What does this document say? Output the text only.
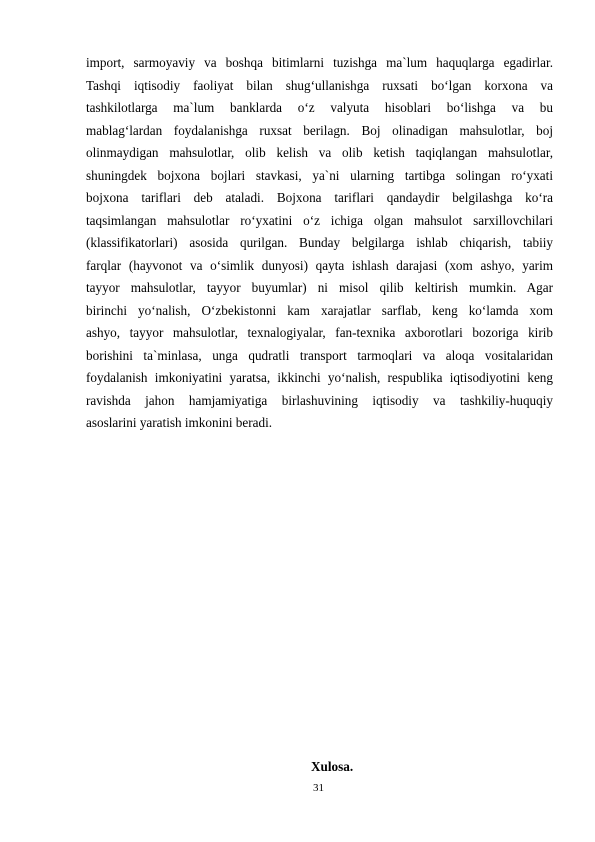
import, sarmoyaviy va boshqa bitimlarni tuzishga ma`lum haquqlarga egadirlar.
Tashqi iqtisodiy faoliyat bilan shug‘ullanishga ruxsati bo‘lgan korxona va
tashkilotlarga ma`lum banklarda o‘z valyuta hisoblari bo‘lishga va bu
mablag‘lardan foydalanishga ruxsat berilagn. Boj olinadigan mahsulotlar, boj
olinmaydigan mahsulotlar, olib kelish va olib ketish taqiqlangan mahsulotlar,
shuningdek bojxona bojlari stavkasi, ya`ni ularning tartibga solingan ro‘yxati
bojxona tariflari deb ataladi. Bojxona tariflari qandaydir belgilashga ko‘ra
taqsimlangan mahsulotlar ro‘yxatini o‘z ichiga olgan mahsulot sarxillovchilari
(klassifikatorlari) asosida qurilgan. Bunday belgilarga ishlab chiqarish, tabiiy
farqlar (hayvonot va o‘simlik dunyosi) qayta ishlash darajasi (xom ashyo, yarim
tayyor mahsulotlar, tayyor buyumlar) ni misol qilib keltirish mumkin. Agar
birinchi yo‘nalish, O‘zbekistonni kam xarajatlar sarflab, keng ko‘lamda xom
ashyo, tayyor mahsulotlar, texnalogiyalar, fan-texnika axborotlari bozoriga kirib
borishini ta`minlasa, unga qudratli transport tarmoqlari va aloqa vositalaridan
foydalanish imkoniyatini yaratsa, ikkinchi yo‘nalish, respublika iqtisodiyotini keng
ravishda jahon hamjamiyatiga birlashuvining iqtisodiy va tashkiliy-huquqiy
asoslarini yaratish imkonini beradi.
Xulosa.
31
